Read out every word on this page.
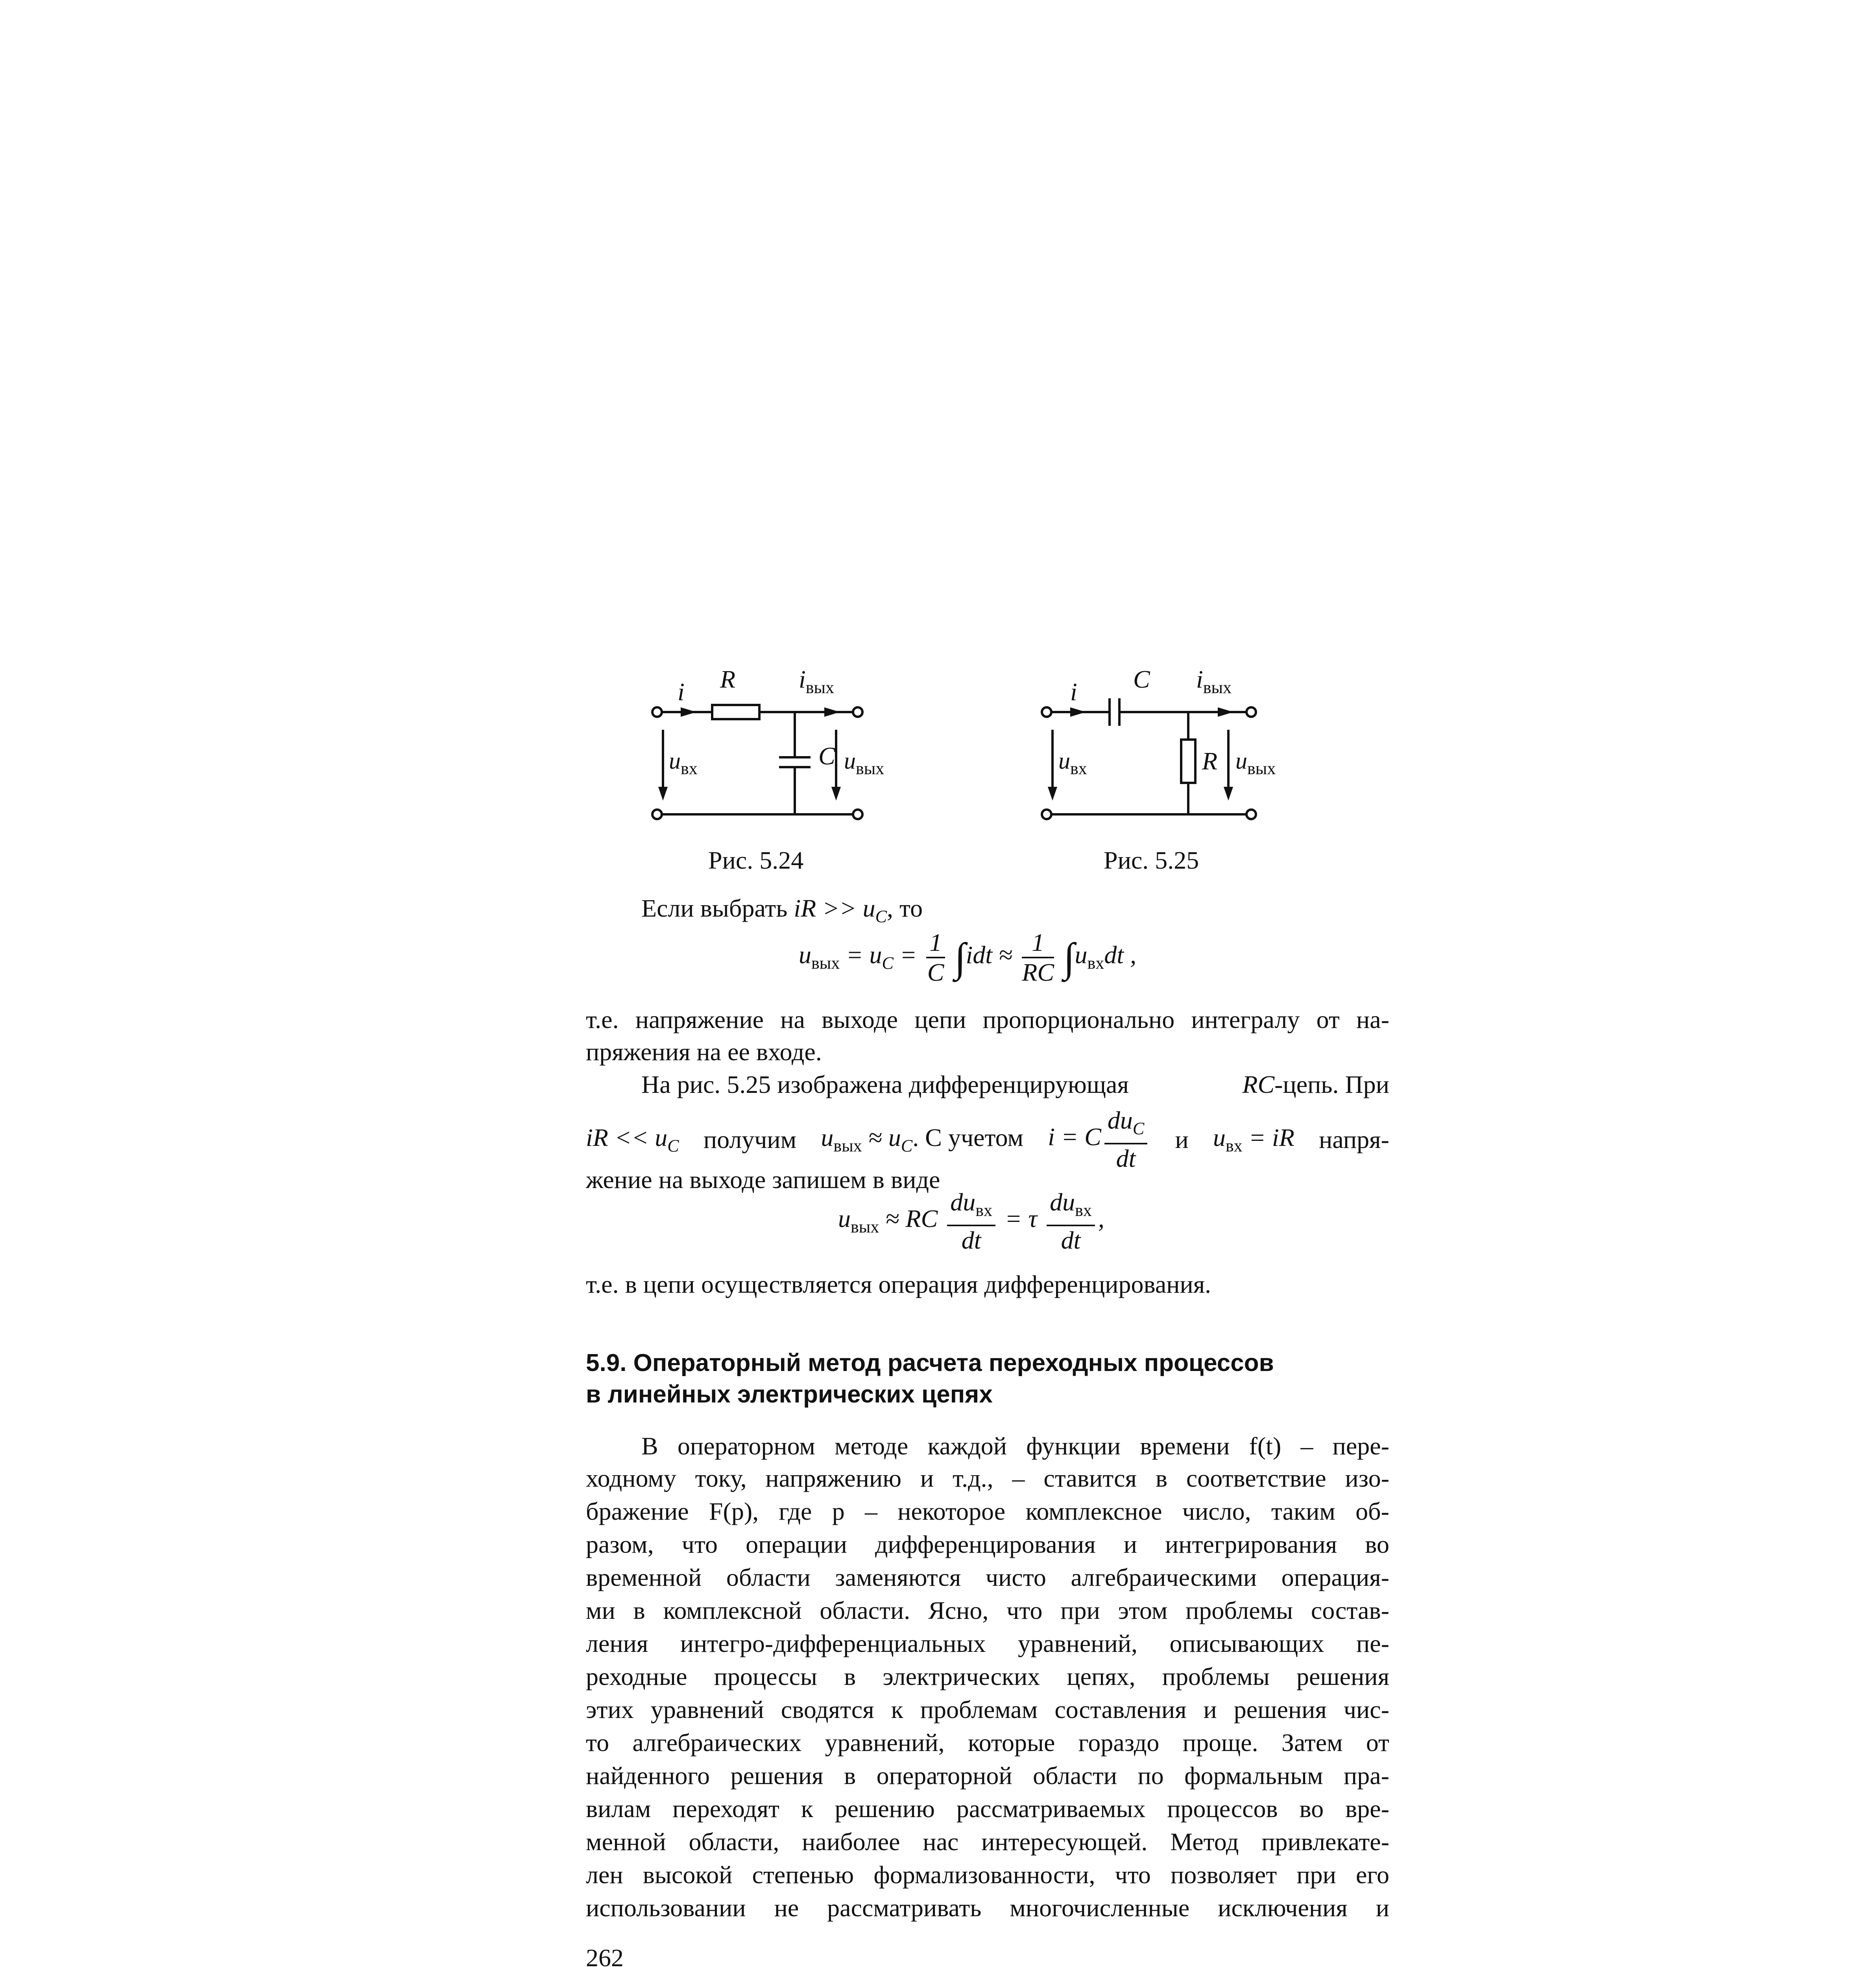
i R	$i_{вых}$
C
$u_{вх}$	$u_{вых}$
Рис. 5.24
i C $i_{вых}$
R
$u_{вх}$	$u_{вых}$
Рис. 5.25
Если выбрать iR >> $u_C$, то
$u_{вых} = u_C = \frac{1}{C} \int idt \approx \frac{1}{RC} \int u_{вх}dt$ ,
т.е. напряжение на выходе цепи пропорционально интегралу от на-
пряжения на ее входе.
На рис. 5.25 изображена дифференцирующая	RC-цепь. При
iR << $u_C$ получим $u_{вых} \approx u_C$. С учетом i = C $\frac{du_C}{dt}$ и $u_{вх}$ = iR напря-
жение на выходе запишем в виде
$u_{вых}$ ≈ RC $\frac{du_{вх}}{dt} = \tau \frac{du_{вх}}{dt}$ ,
т.е. в цепи осуществляется операция дифференцирования.
5.9. Операторный метод расчета переходных процессов
в линейных электрических цепях
В операторном методе каждой функции времени f(t) – пере-
ходному току, напряжению и т.д., – ставится в соответствие изо-
бражение F(p), где p – некоторое комплексное число, таким об-
разом, что операции дифференцирования и интегрирования во
временной области заменяются чисто алгебраическими операция-
ми в комплексной области. Ясно, что при этом проблемы состав-
ления интегро-дифференциальных уравнений, описывающих пе-
реходные процессы в электрических цепях, проблемы решения
этих уравнений сводятся к проблемам составления и решения чис-
то алгебраических уравнений, которые гораздо проще. Затем от
найденного решения в операторной области по формальным пра-
вилам переходят к решению рассматриваемых процессов во вре-
менной области, наиболее нас интересующей. Метод привлекате-
лен высокой степенью формализованности, что позволяет при его
использовании не рассматривать многочисленные исключения и
262
